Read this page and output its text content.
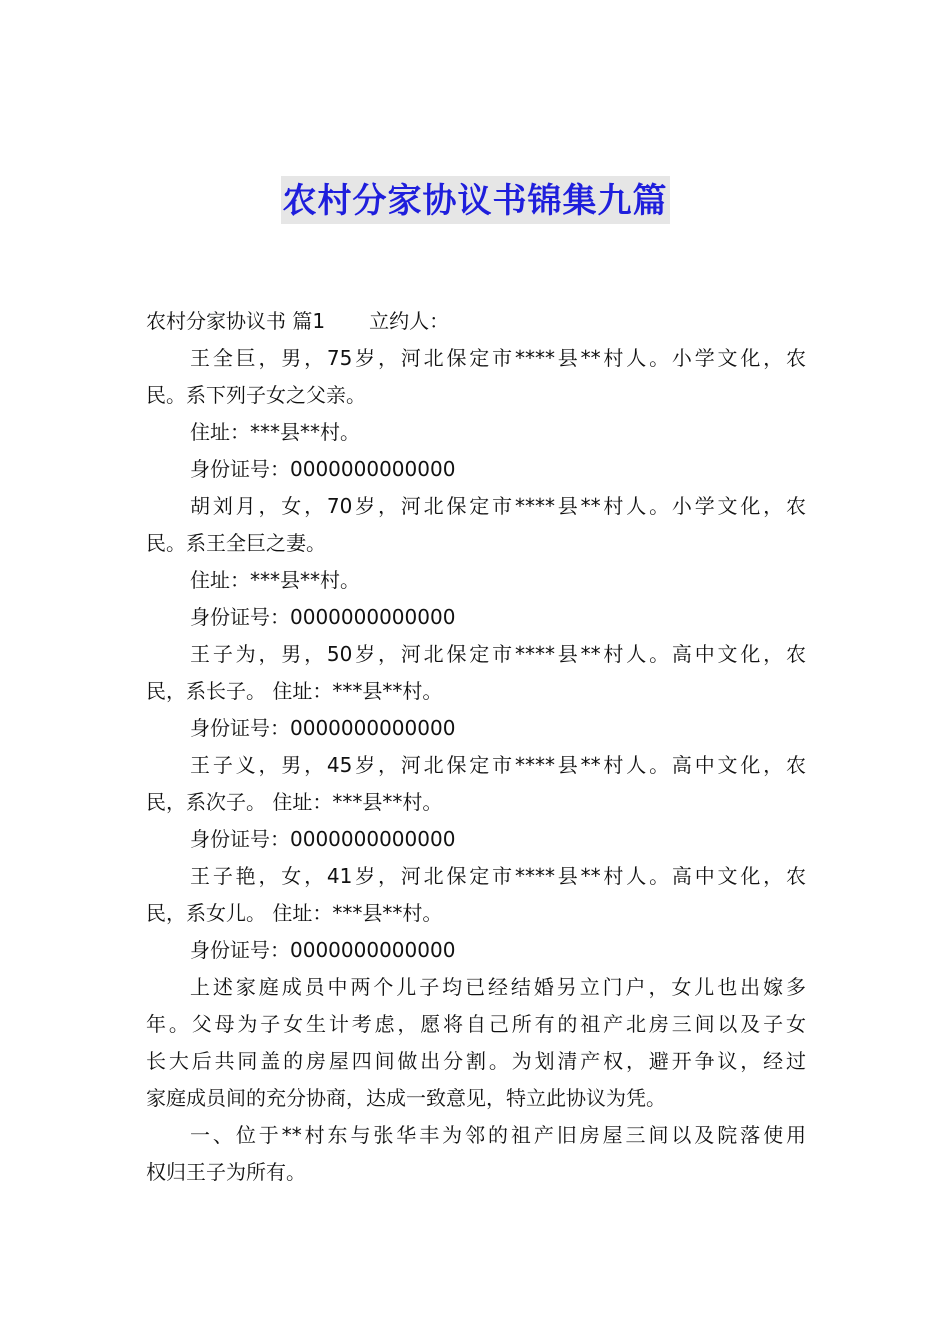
农村分家协议书锦集九篇
农村分家协议书 篇1 立约人：
王全巨，男，75岁，河北保定市****县**村人。小学文化，农
民。系下列子女之父亲。
住址：***县**村。
身份证号：0000000000000
胡刘月，女，70岁，河北保定市****县**村人。小学文化，农
民。系王全巨之妻。
住址：***县**村。
身份证号：0000000000000
王子为，男，50岁，河北保定市****县**村人。高中文化，农
民，系长子。 住址：***县**村。
身份证号：0000000000000
王子义，男，45岁，河北保定市****县**村人。高中文化，农
民，系次子。 住址：***县**村。
身份证号：0000000000000
王子艳，女，41岁，河北保定市****县**村人。高中文化，农
民，系女儿。 住址：***县**村。
身份证号：0000000000000
上述家庭成员中两个儿子均已经结婚另立门户，女儿也出嫁多
年。父母为子女生计考虑，愿将自己所有的祖产北房三间以及子女
长大后共同盖的房屋四间做出分割。为划清产权，避开争议，经过
家庭成员间的充分协商，达成一致意见，特立此协议为凭。
一、位于**村东与张华丰为邻的祖产旧房屋三间以及院落使用
权归王子为所有。
